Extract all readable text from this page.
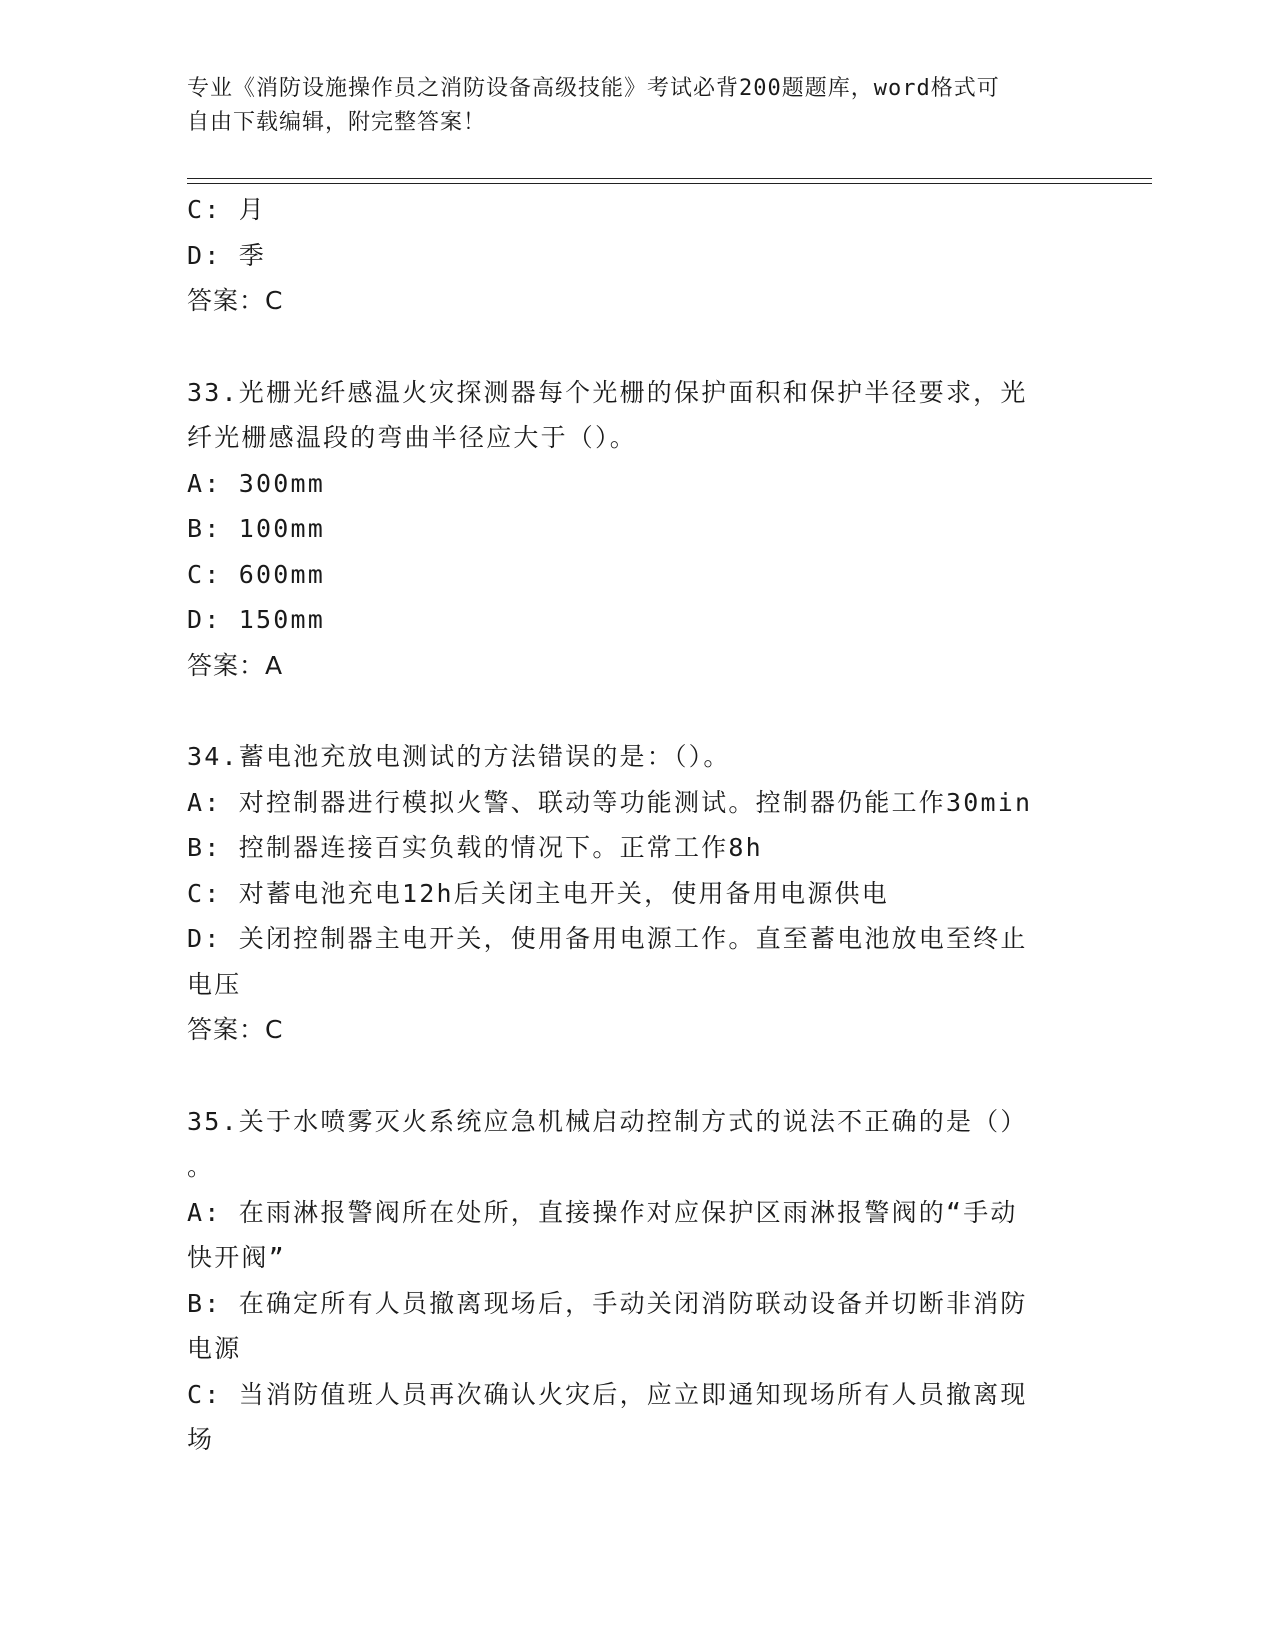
专业《消防设施操作员之消防设备高级技能》考试必背200题题库，word格式可
自由下载编辑，附完整答案！
C: 月
D: 季
答案：C
33.光栅光纤感温火灾探测器每个光栅的保护面积和保护半径要求，光
纤光栅感温段的弯曲半径应大于（）。
A: 300mm
B: 100mm
C: 600mm
D: 150mm
答案：A
34.蓄电池充放电测试的方法错误的是：（）。
A: 对控制器进行模拟火警、联动等功能测试。控制器仍能工作30min
B: 控制器连接百实负载的情况下。正常工作8h
C: 对蓄电池充电12h后关闭主电开关，使用备用电源供电
D: 关闭控制器主电开关，使用备用电源工作。直至蓄电池放电至终止
电压
答案：C
35.关于水喷雾灭火系统应急机械启动控制方式的说法不正确的是（）
。
A: 在雨淋报警阀所在处所，直接操作对应保护区雨淋报警阀的“手动
快开阀”
B: 在确定所有人员撤离现场后，手动关闭消防联动设备并切断非消防
电源
C: 当消防值班人员再次确认火灾后，应立即通知现场所有人员撤离现
场
